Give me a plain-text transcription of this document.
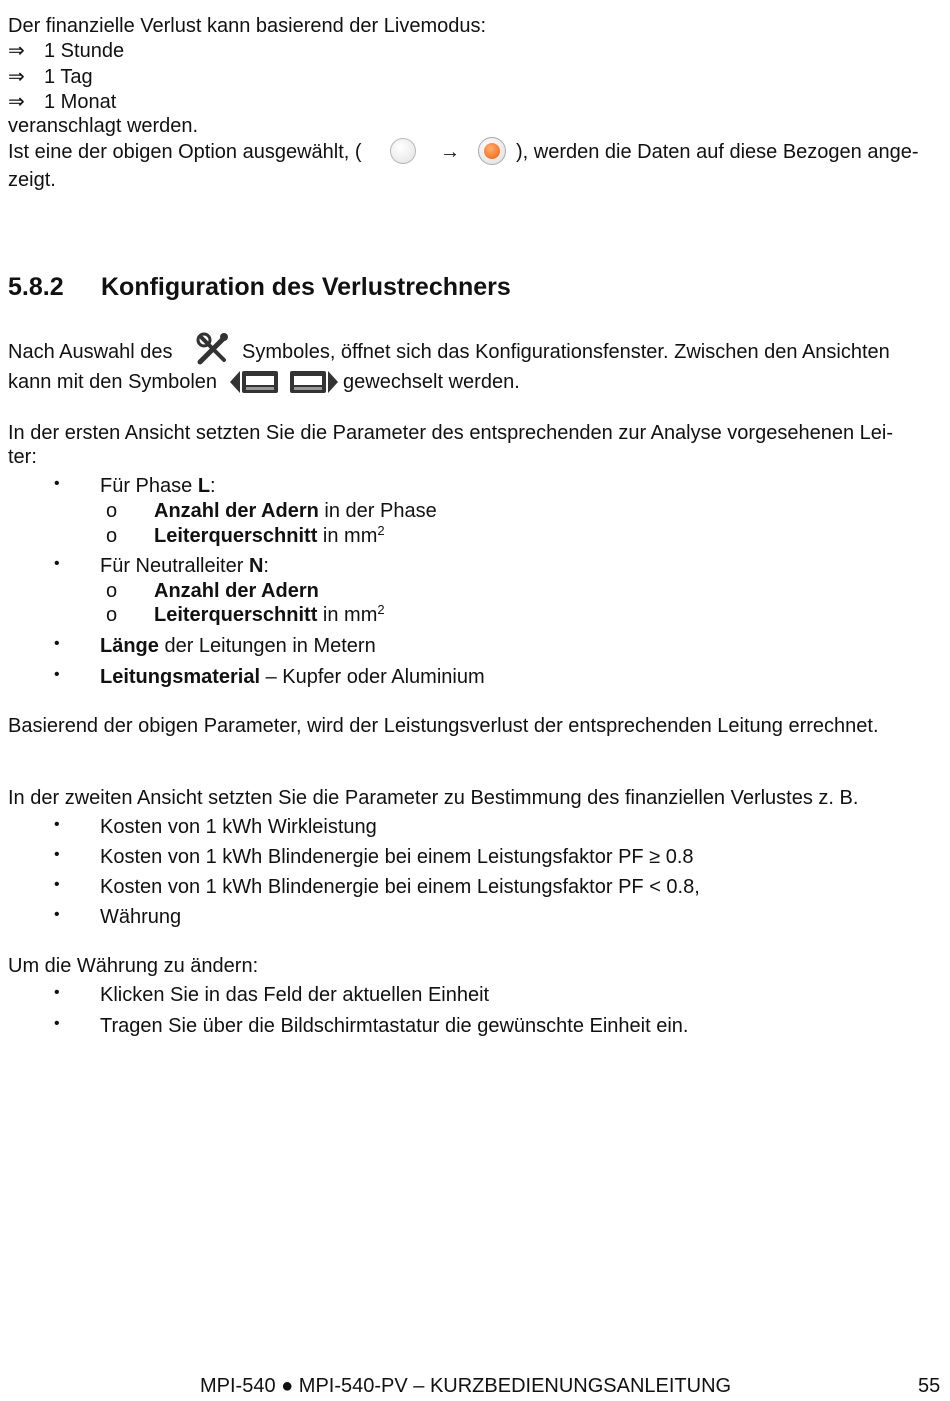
Der finanzielle Verlust kann basierend der Livemodus:
⇒ 1 Stunde
⇒ 1 Tag
⇒ 1 Monat
veranschlagt werden.
Ist eine der obigen Option ausgewählt, (	→	), werden die Daten auf diese Bezogen ange-
zeigt.
5.8.2 Konfiguration des Verlustrechners
Nach Auswahl des	Symboles, öffnet sich das Konfigurationsfenster. Zwischen den Ansichten
kann mit den Symbolen	gewechselt werden.
In der ersten Ansicht setzten Sie die Parameter des entsprechenden zur Analyse vorgesehenen Lei-
ter:
• Für Phase L:
o Anzahl der Adern in der Phase
o Leiterquerschnitt in $mm^2$
• Für Neutralleiter N:
o Anzahl der Adern
o Leiterquerschnitt in $mm^2$
• Länge der Leitungen in Metern
• Leitungsmaterial – Kupfer oder Aluminium
Basierend der obigen Parameter, wird der Leistungsverlust der entsprechenden Leitung errechnet.
In der zweiten Ansicht setzten Sie die Parameter zu Bestimmung des finanziellen Verlustes z. B.
• Kosten von 1 kWh Wirkleistung
• Kosten von 1 kWh Blindenergie bei einem Leistungsfaktor PF ≥ 0.8
• Kosten von 1 kWh Blindenergie bei einem Leistungsfaktor PF < 0.8,
• Währung
Um die Währung zu ändern:
• Klicken Sie in das Feld der aktuellen Einheit
• Tragen Sie über die Bildschirmtastatur die gewünschte Einheit ein.
MPI-540 ● MPI-540-PV – KURZBEDIENUNGSANLEITUNG	55
